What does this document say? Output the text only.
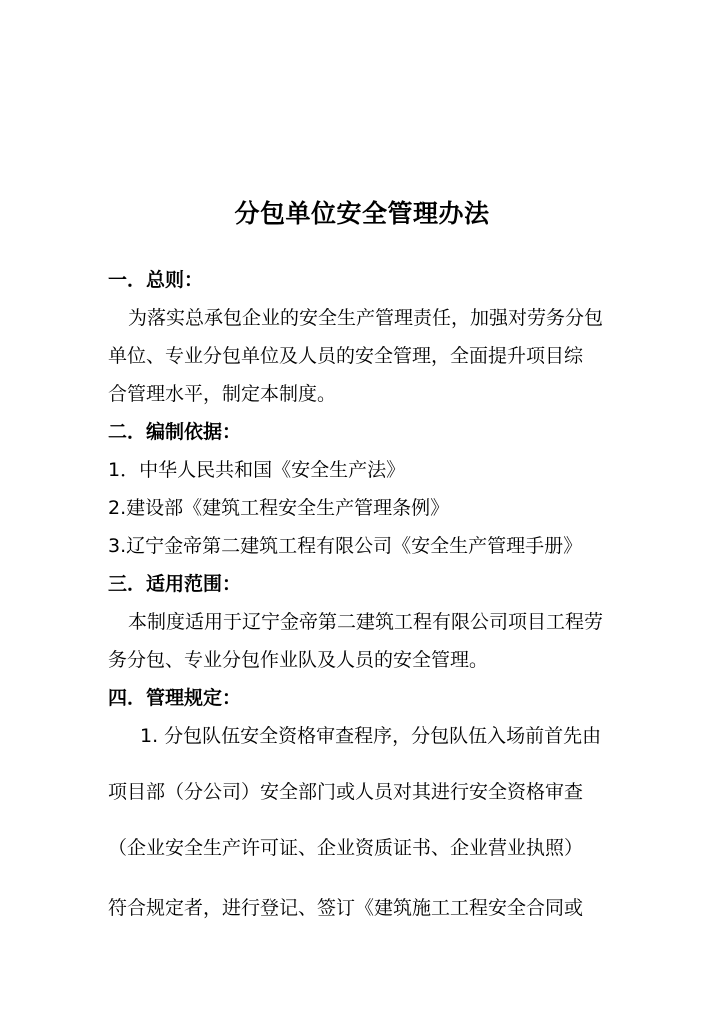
分包单位安全管理办法
一．总则：
为落实总承包企业的安全生产管理责任，加强对劳务分包
单位、专业分包单位及人员的安全管理，全面提升项目综
合管理水平，制定本制度。
二．编制依据：
1．中华人民共和国《安全生产法》
2.建设部《建筑工程安全生产管理条例》
3.辽宁金帝第二建筑工程有限公司《安全生产管理手册》
三．适用范围：
本制度适用于辽宁金帝第二建筑工程有限公司项目工程劳
务分包、专业分包作业队及人员的安全管理。
四．管理规定：
1. 分包队伍安全资格审查程序，分包队伍入场前首先由
项目部（分公司）安全部门或人员对其进行安全资格审查
（企业安全生产许可证、企业资质证书、企业营业执照）
符合规定者，进行登记、签订《建筑施工工程安全合同或
